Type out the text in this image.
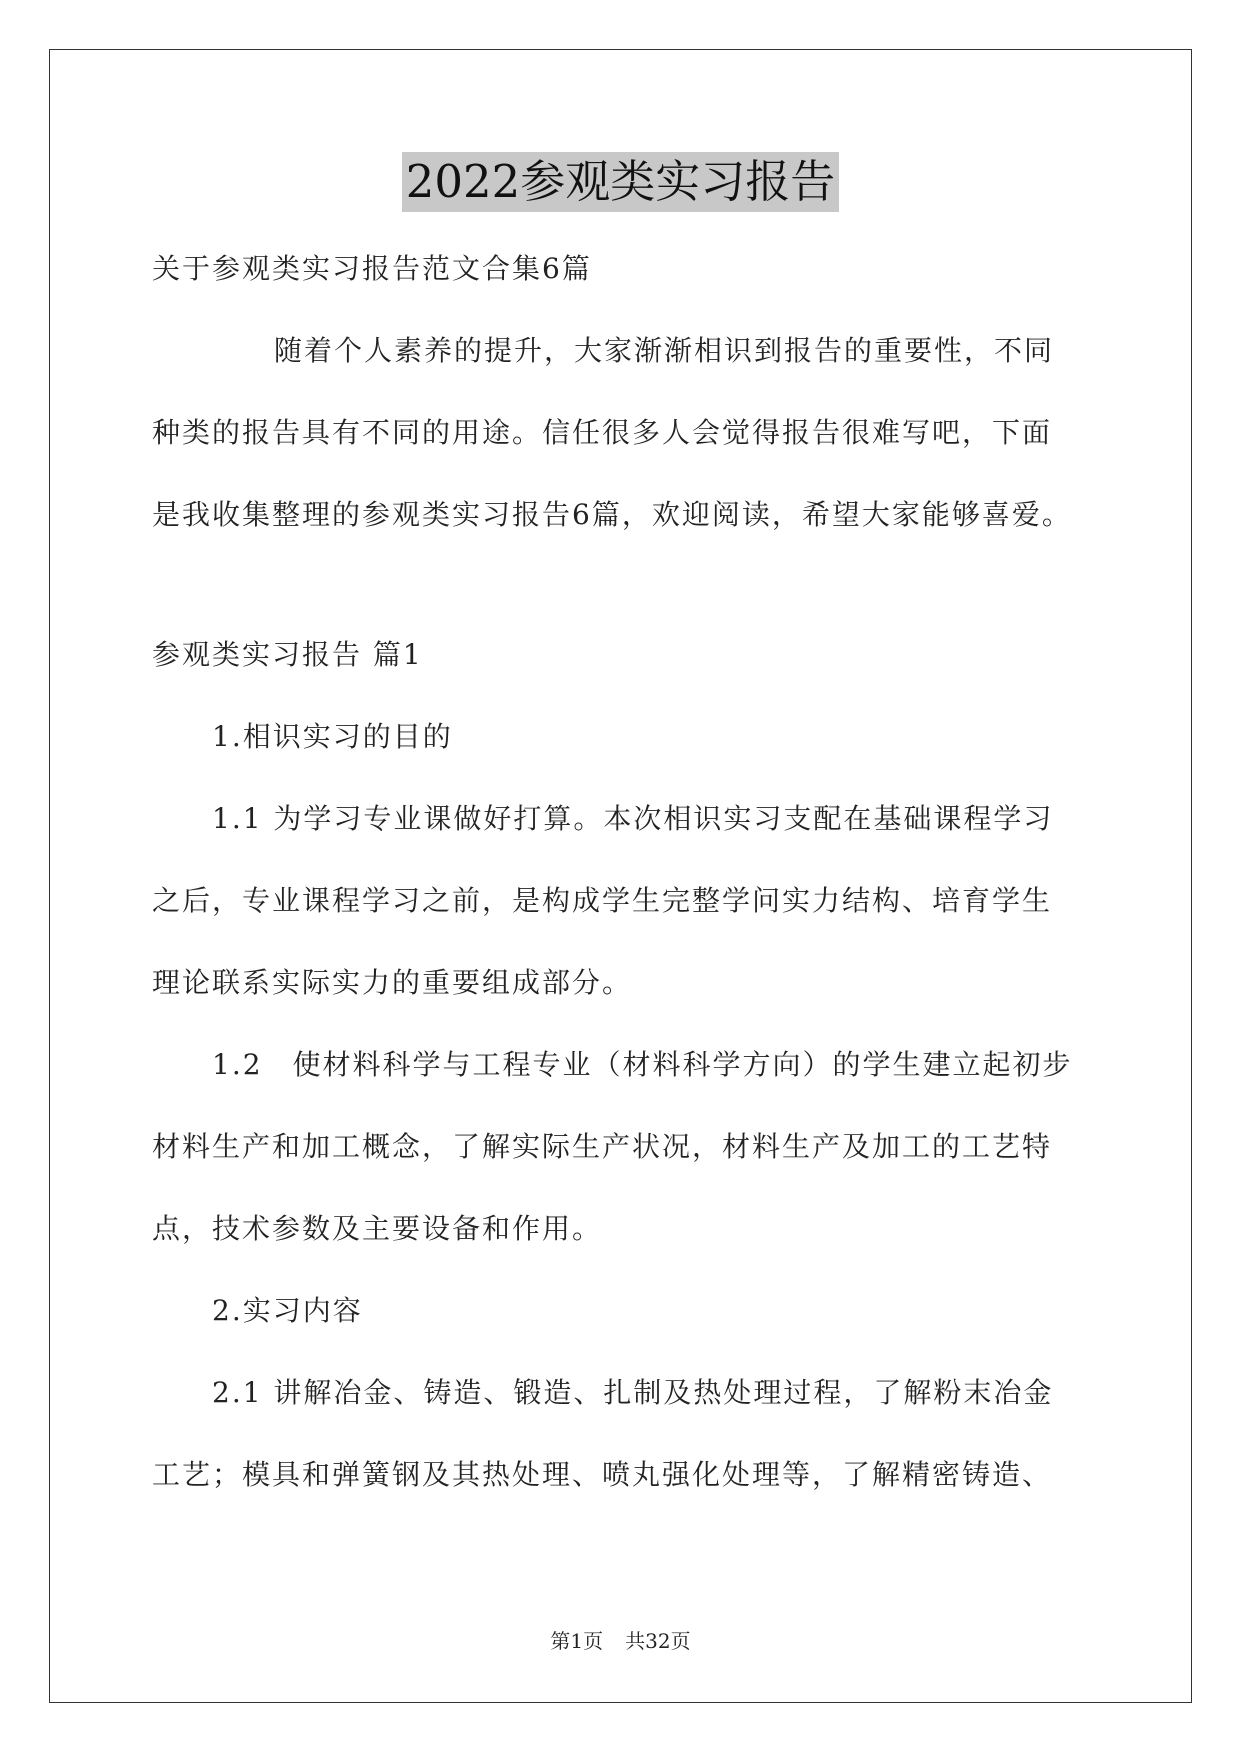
2022参观类实习报告
关于参观类实习报告范文合集6篇
随着个人素养的提升，大家渐渐相识到报告的重要性，不同
种类的报告具有不同的用途。信任很多人会觉得报告很难写吧，下面
是我收集整理的参观类实习报告6篇，欢迎阅读，希望大家能够喜爱。
参观类实习报告 篇1
1.相识实习的目的
1.1 为学习专业课做好打算。本次相识实习支配在基础课程学习
之后，专业课程学习之前，是构成学生完整学问实力结构、培育学生
理论联系实际实力的重要组成部分。
1.2　使材料科学与工程专业（材料科学方向）的学生建立起初步
材料生产和加工概念，了解实际生产状况，材料生产及加工的工艺特
点，技术参数及主要设备和作用。
2.实习内容
2.1 讲解冶金、铸造、锻造、扎制及热处理过程，了解粉末冶金
工艺；模具和弹簧钢及其热处理、喷丸强化处理等，了解精密铸造、
第1页 共32页
